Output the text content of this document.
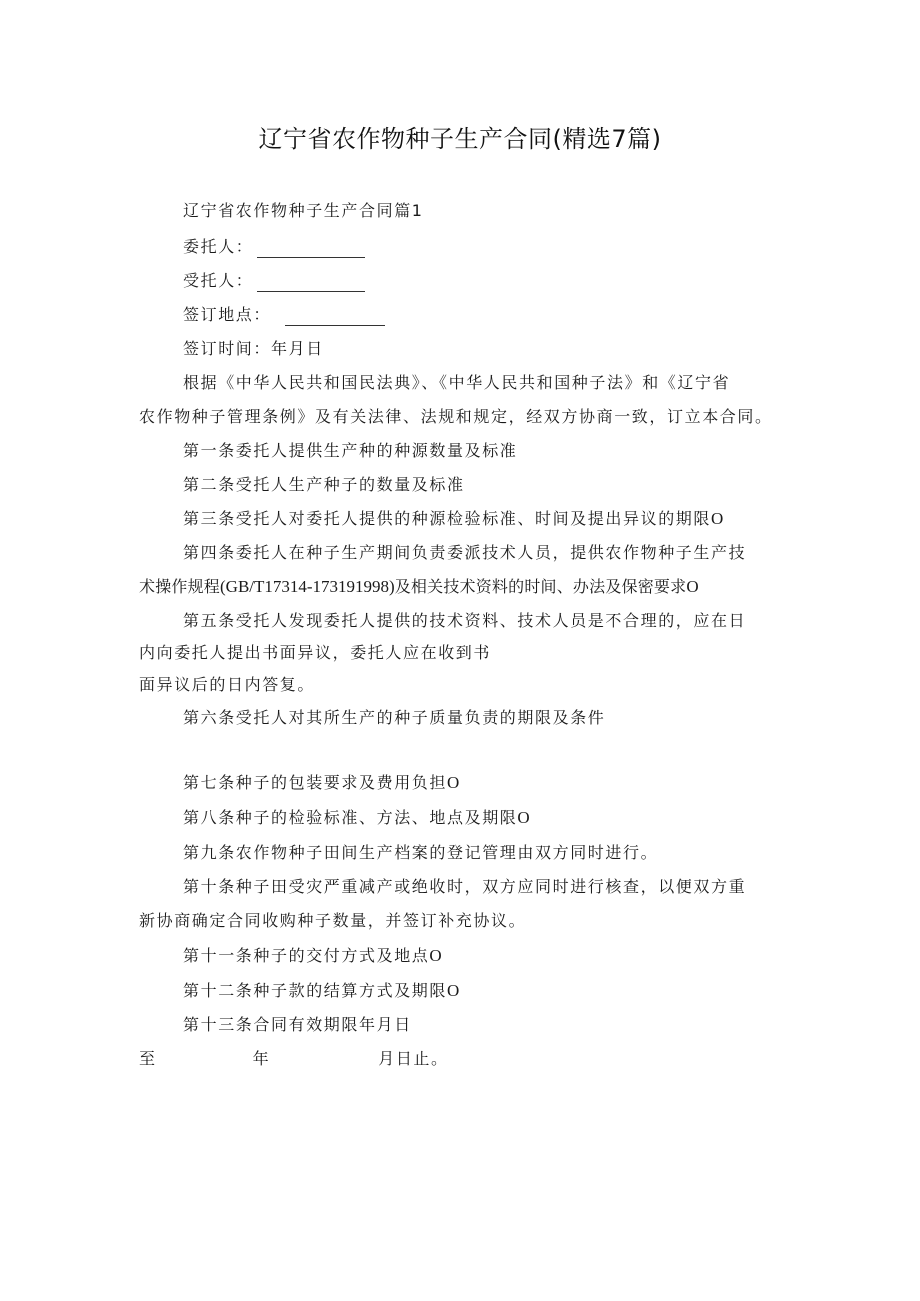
辽宁省农作物种子生产合同(精选7篇)
辽宁省农作物种子生产合同篇1
委托人：
受托人：
签订地点：
签订时间：年月日
根据《中华人民共和国民法典》、《中华人民共和国种子法》和《辽宁省
农作物种子管理条例》及有关法律、法规和规定，经双方协商一致，订立本合同。
第一条委托人提供生产种的种源数量及标准
第二条受托人生产种子的数量及标准
第三条受托人对委托人提供的种源检验标准、时间及提出异议的期限O
第四条委托人在种子生产期间负责委派技术人员，提供农作物种子生产技
术操作规程(GB/T17314-173191998)及相关技术资料的时间、办法及保密要求O
第五条受托人发现委托人提供的技术资料、技术人员是不合理的，应在日
内向委托人提出书面异议，委托人应在收到书
面异议后的日内答复。
第六条受托人对其所生产的种子质量负责的期限及条件
第七条种子的包装要求及费用负担O
第八条种子的检验标准、方法、地点及期限O
第九条农作物种子田间生产档案的登记管理由双方同时进行。
第十条种子田受灾严重减产或绝收时，双方应同时进行核查，以便双方重
新协商确定合同收购种子数量，并签订补充协议。
第十一条种子的交付方式及地点O
第十二条种子款的结算方式及期限O
第十三条合同有效期限年月日
至	年	月日止。
